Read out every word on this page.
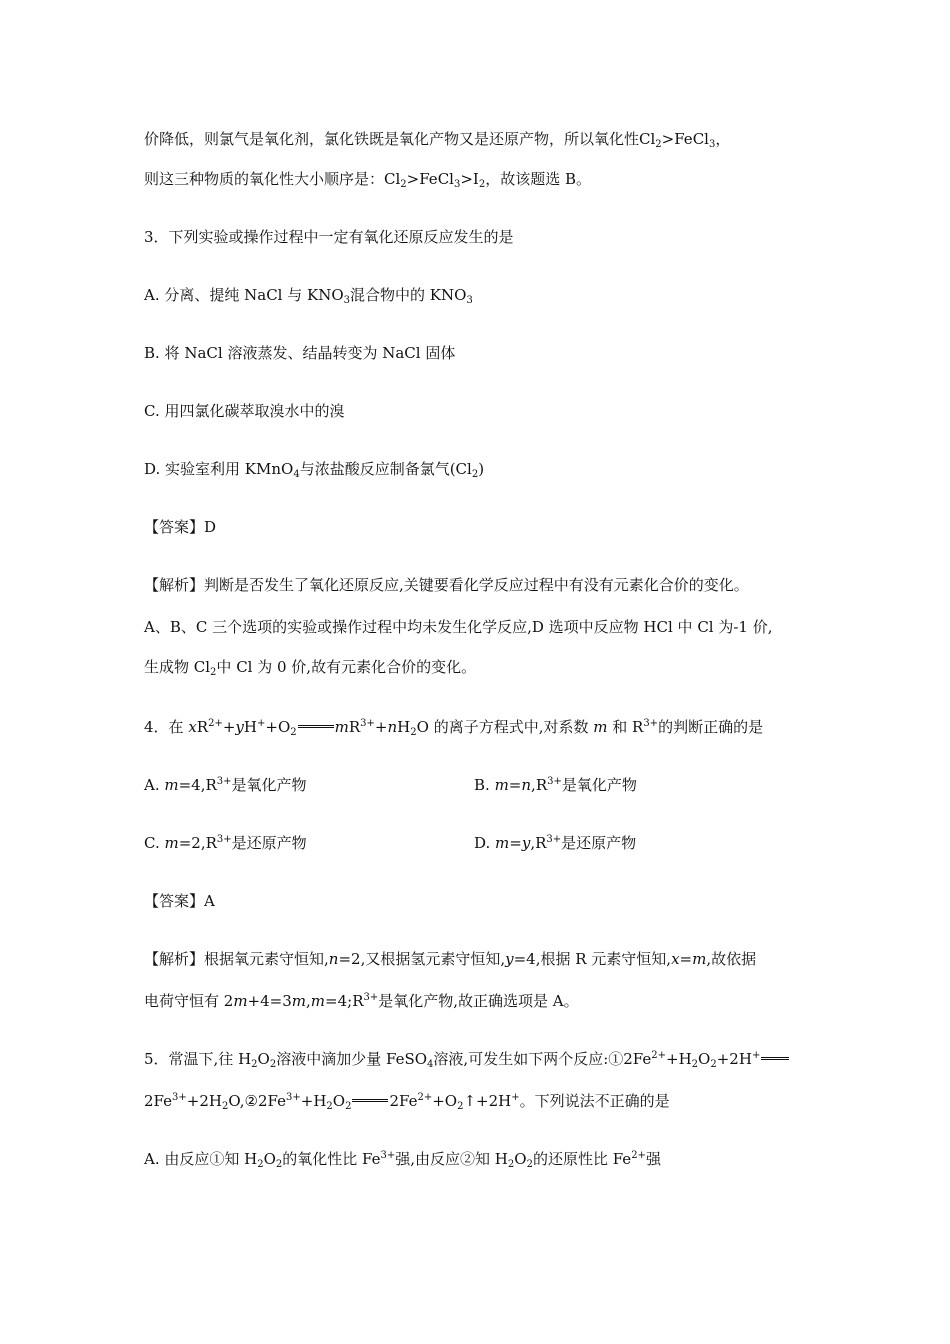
价降低，则氯气是氧化剂，氯化铁既是氧化产物又是还原产物，所以氧化性$Cl_2>FeCl_3$，
则这三种物质的氧化性大小顺序是：$Cl_2>FeCl_3>I_2$，故该题选 B。
3．下列实验或操作过程中一定有氧化还原反应发生的是
A. 分离、提纯 NaCl 与 $KNO_3$混合物中的 $KNO_3$
B. 将 NaCl 溶液蒸发、结晶转变为 NaCl 固体
C. 用四氯化碳萃取溴水中的溴
D. 实验室利用 KMnO$_4$与浓盐酸反应制备氯气$(Cl_2)$
【答案】D
【解析】判断是否发生了氧化还原反应,关键要看化学反应过程中有没有元素化合价的变化。
A、B、C 三个选项的实验或操作过程中均未发生化学反应,D 选项中反应物 HCl 中 Cl 为-1 价,
生成物 $Cl_2$中 Cl 为 0 价,故有元素化合价的变化。
4．在 $xR^{2+}+yH^++O_2$	$mR^{3+}+nH_2O$ 的离子方程式中,对系数 m 和 $R^{3+}$的判断正确的是
A. $m=4,R^{3+}$是氧化产物	B. $m=n,R^{3+}$是氧化产物
C. $m=2,R^{3+}$是还原产物	D. $m=y,R^{3+}$是还原产物
【答案】A
【解析】根据氧元素守恒知,n=2,又根据氢元素守恒知,y=4,根据 R 元素守恒知,x=m,故依据
电荷守恒有 $2m+4=3m,m=4;R^{3+}$是氧化产物,故正确选项是 A。
5．常温下,往 $H_2O_2$溶液中滴加少量 FeSO$_4$溶液,可发生如下两个反应$:①2Fe^{2+}+H_2O_2+2H^+$
$2Fe^{3+}+2H_2O,②2Fe^{3+}+H_2O_2$	$2Fe^{2+}+O_2↑+2H^+$。下列说法不正确的是
A. 由反应①知 $H_2O_2$的氧化性比 $Fe^{3+}$强,由反应②知 $H_2O_2$的还原性比 $Fe^{2+}$强
